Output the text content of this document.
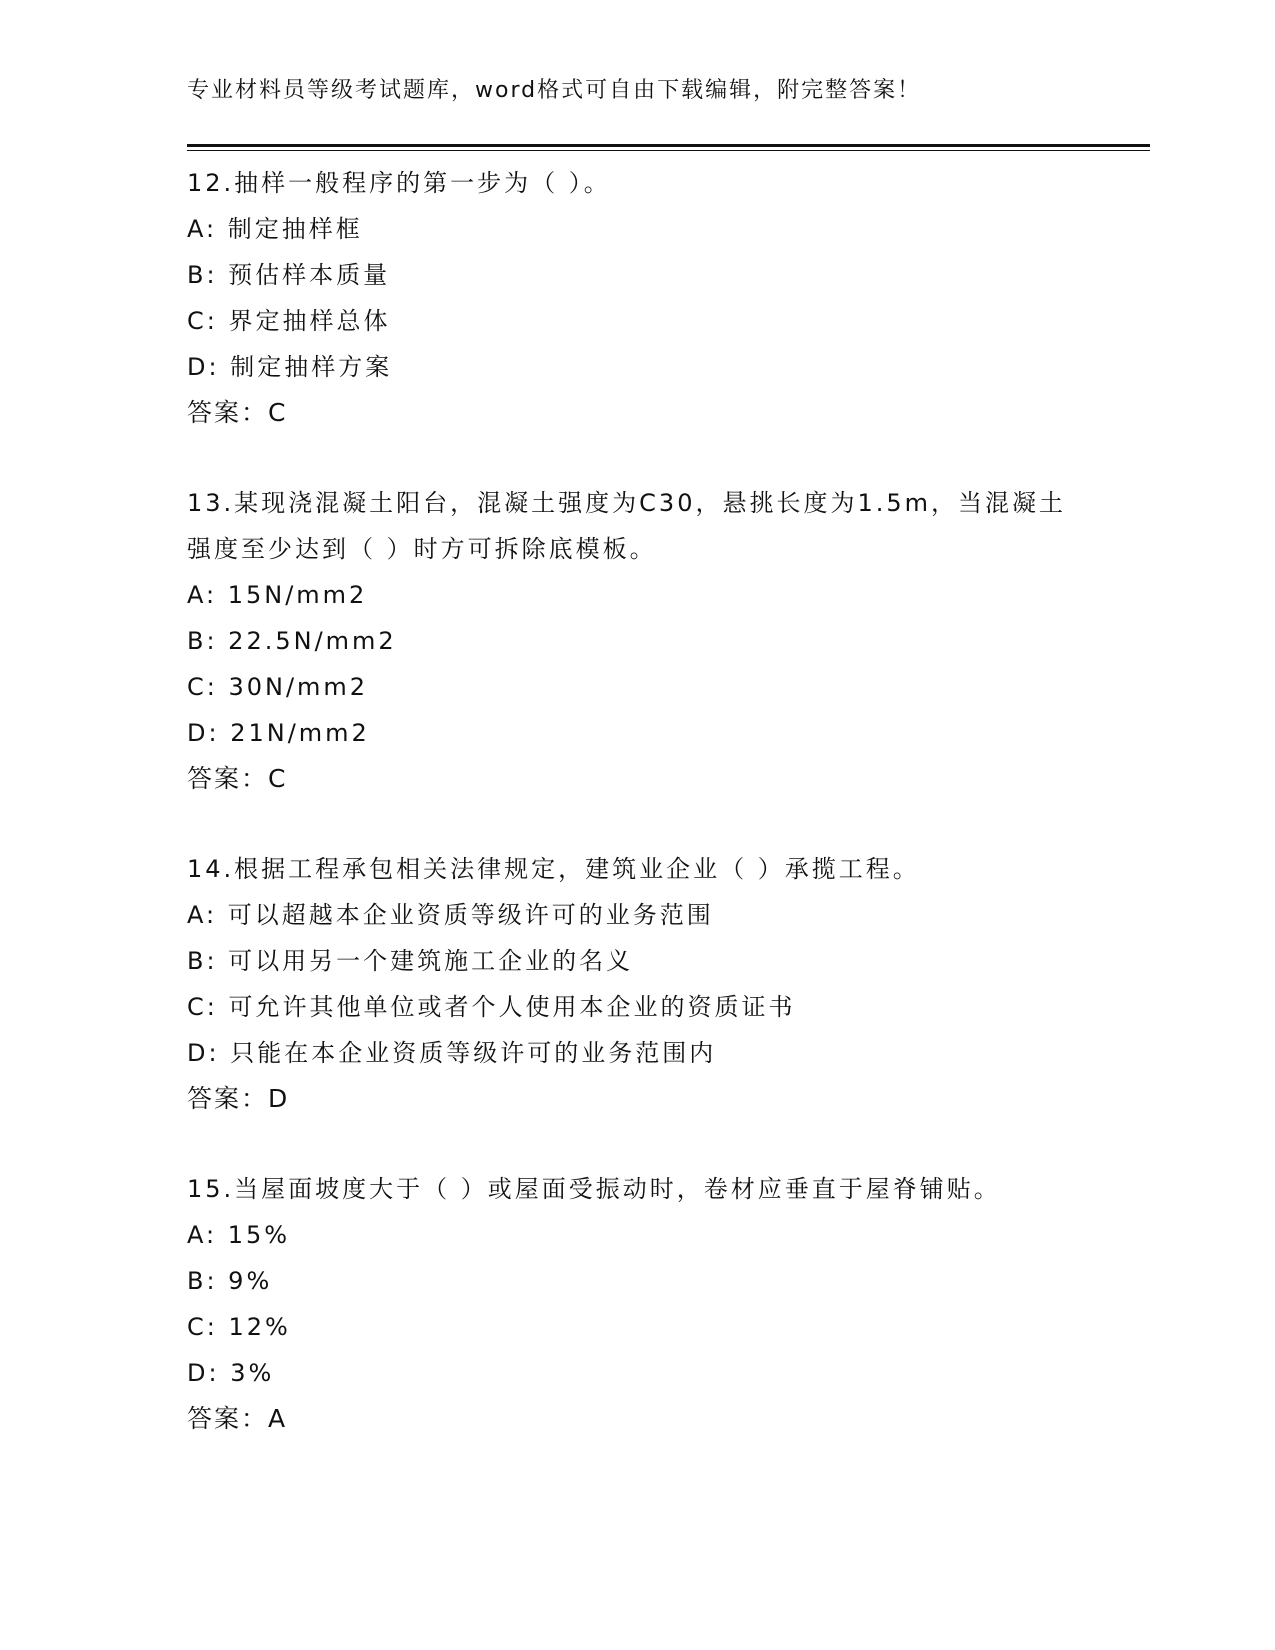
专业材料员等级考试题库，word格式可自由下载编辑，附完整答案！
12.抽样一般程序的第一步为（ ）。
A: 制定抽样框
B: 预估样本质量
C: 界定抽样总体
D: 制定抽样方案
答案：C
13.某现浇混凝土阳台，混凝土强度为C30，悬挑长度为1.5m，当混凝土强度至少达到（ ）时方可拆除底模板。
A: 15N/mm2
B: 22.5N/mm2
C: 30N/mm2
D: 21N/mm2
答案：C
14.根据工程承包相关法律规定，建筑业企业（ ）承揽工程。
A: 可以超越本企业资质等级许可的业务范围
B: 可以用另一个建筑施工企业的名义
C: 可允许其他单位或者个人使用本企业的资质证书
D: 只能在本企业资质等级许可的业务范围内
答案：D
15.当屋面坡度大于（ ）或屋面受振动时，卷材应垂直于屋脊铺贴。
A: 15%
B: 9%
C: 12%
D: 3%
答案：A
